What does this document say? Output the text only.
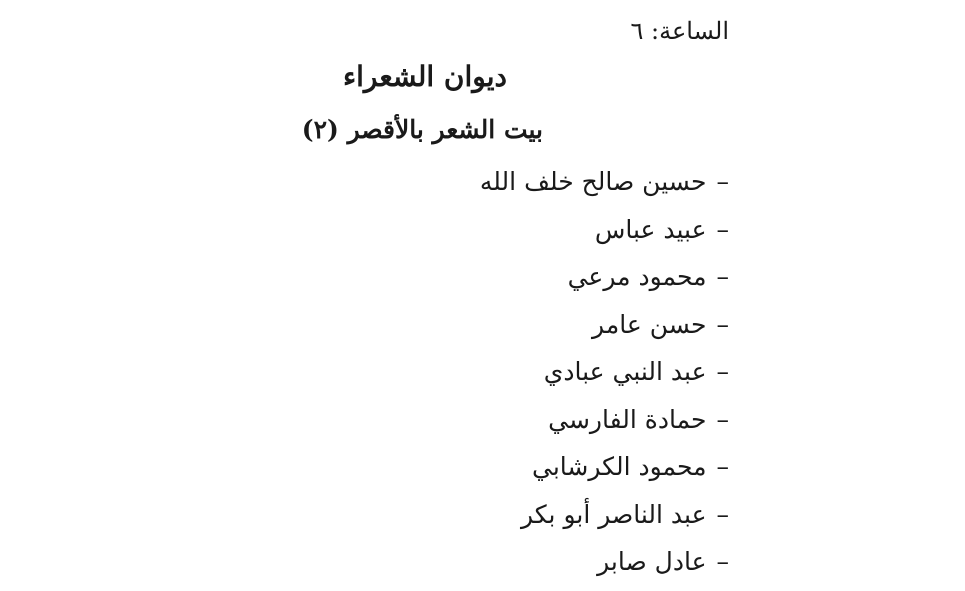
الساعة: ٦
ديوان الشعراء
بيت الشعر بالأقصر (٢)
–حسين صالح خلف الله
–عبيد عباس
–محمود مرعي
–حسن عامر
–عبد النبي عبادي
–حمادة الفارسي
–محمود الكرشابي
–عبد الناصر أبو بكر
–عادل صابر
